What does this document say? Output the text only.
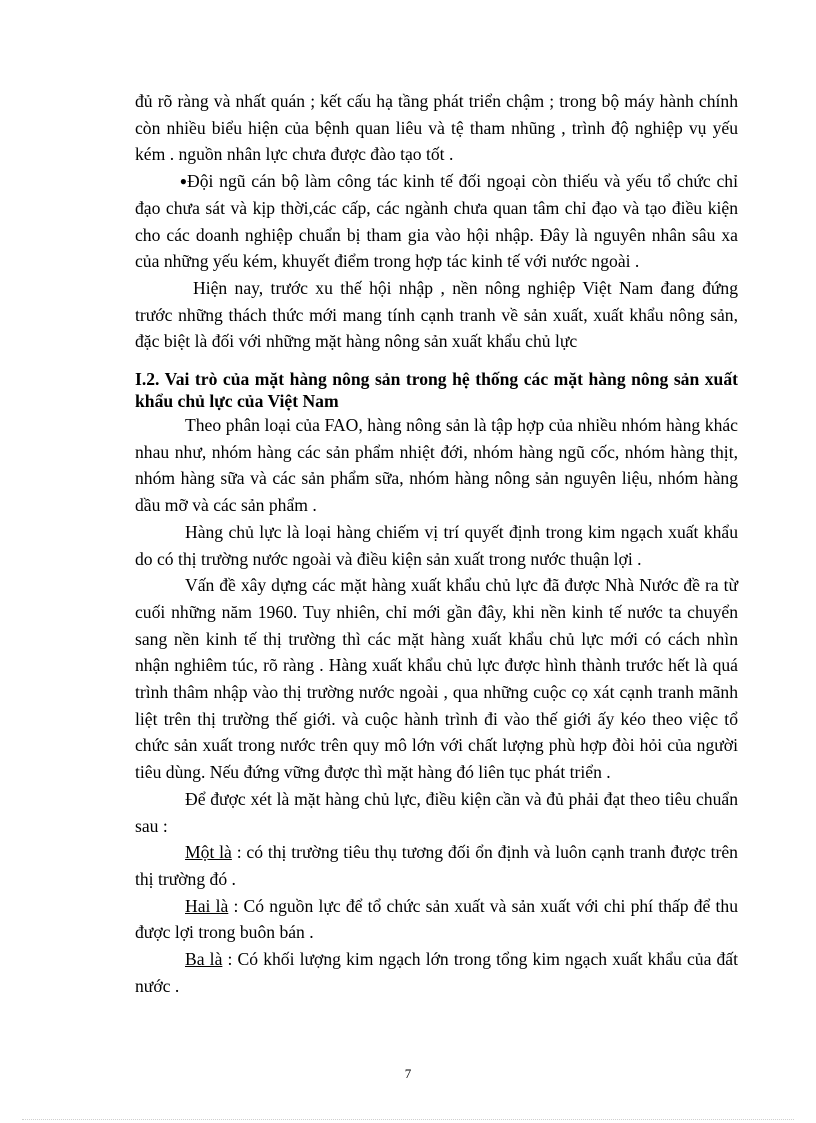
đủ rõ ràng và nhất quán ; kết cấu hạ tầng phát triển chậm ; trong bộ máy hành chính còn nhiều biểu hiện của bệnh quan liêu và tệ tham nhũng , trình độ nghiệp vụ yếu kém . nguồn nhân lực chưa được đào tạo tốt .

●Đội ngũ cán bộ làm công tác kinh tế đối ngoại còn thiếu và yếu tổ chức chỉ đạo chưa sát và kịp thời,các cấp, các ngành chưa quan tâm chỉ đạo và tạo điều kiện cho các doanh nghiệp chuẩn bị tham gia vào hội nhập. Đây là nguyên nhân sâu xa của những yếu kém, khuyết điểm trong hợp tác kinh tế với nước ngoài .

Hiện nay, trước xu thế hội nhập , nền nông nghiệp Việt Nam đang đứng trước những thách thức mới mang tính cạnh tranh về sản xuất, xuất khẩu nông sản, đặc biệt là đối với những mặt hàng nông sản xuất khẩu chủ lực

I.2. Vai trò của mặt hàng nông sản trong hệ thống các mặt hàng nông sản xuất khẩu chủ lực của Việt Nam

Theo phân loại của FAO, hàng nông sản là tập hợp của nhiều nhóm hàng khác nhau như, nhóm hàng các sản phẩm nhiệt đới, nhóm hàng ngũ cốc, nhóm hàng thịt, nhóm hàng sữa và các sản phẩm sữa, nhóm hàng nông sản nguyên liệu, nhóm hàng dầu mỡ và các sản phẩm .

Hàng chủ lực là loại hàng chiếm vị trí quyết định trong kim ngạch xuất khẩu do có thị trường nước ngoài và điều kiện sản xuất trong nước thuận lợi .

Vấn đề xây dựng các mặt hàng xuất khẩu chủ lực đã được Nhà Nước đề ra từ cuối những năm 1960. Tuy nhiên, chỉ mới gần đây, khi nền kinh tế nước ta chuyển sang nền kinh tế thị trường thì các mặt hàng xuất khẩu chủ lực mới có cách nhìn nhận nghiêm túc, rõ ràng . Hàng xuất khẩu chủ lực được hình thành trước hết là quá trình thâm nhập vào thị trường nước ngoài , qua những cuộc cọ xát cạnh tranh mãnh liệt trên thị trường thế giới. và cuộc hành trình đi vào thế giới ấy kéo theo việc tổ chức sản xuất trong nước trên quy mô lớn với chất lượng phù hợp đòi hỏi của người tiêu dùng. Nếu đứng vững được thì mặt hàng đó liên tục phát triển .

Để được xét là mặt hàng chủ lực, điều kiện cần và đủ phải đạt theo tiêu chuẩn sau :

Một là : có thị trường tiêu thụ tương đối ổn định và luôn cạnh tranh được trên thị trường đó .

Hai là : Có nguồn lực để tổ chức sản xuất và sản xuất với chi phí thấp để thu được lợi trong buôn bán .

Ba là : Có khối lượng kim ngạch lớn trong tổng kim ngạch xuất khẩu của đất nước .

7
